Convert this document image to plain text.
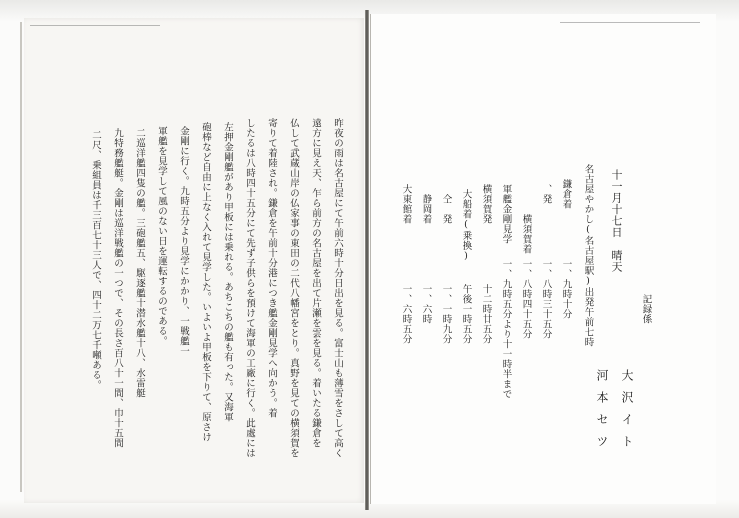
昨夜の雨は名古屋にて午前六時十分日出を見る。富士山も薄雪をさして高く
遠方に見え天、乍ら前方の名古屋を出て片瀬を雲を見る。着いたる鎌倉を
仏して武蔵山岸の仏家事の東田の二代八幡宮をとり。真野を見ての横須賀を
寄りて着陸され。鎌倉を午前十分港につき艦金剛見学へ向かう。着
したるは八時四十五分にて先ず子供らを預けて海軍の工廠に行く。此處には
左押金剛艦があり甲板には乗れる。あちこちの艦も有った。又海軍
砲棒など自由に上なく入れて見学した。いよいよ甲板を下りて、原さけ
金剛に行く。九時五分より見学にかかり、一戦艦一
軍艦を見学して風のない日を運転するのである。
二巡洋艦四隻の艦。三砲艦五、駆逐艦十潜水艦十八、水雷艇
九特務艦艇。金剛は巡洋戦艦の一つで、その長さ百八十一間、巾十五間
二尺、乗組員は千三百七十三人で、四十二万七千噸ある。	十一月十七日　晴天
名古屋やかし(名古屋駅)出発午前七時
鎌倉着
一、九時十分
、発
一、八時三十五分
横須賀着
一、八時四十五分
軍艦金剛見学
一、九時五分より十一時半まで
横須賀発
十二時廿五分
大船着(乗換)
午後一時五分
仝　発
一、一時九分
静岡着
一、六時
大東館着
一、六時五分	記録係
大沢イト
河本セツ
